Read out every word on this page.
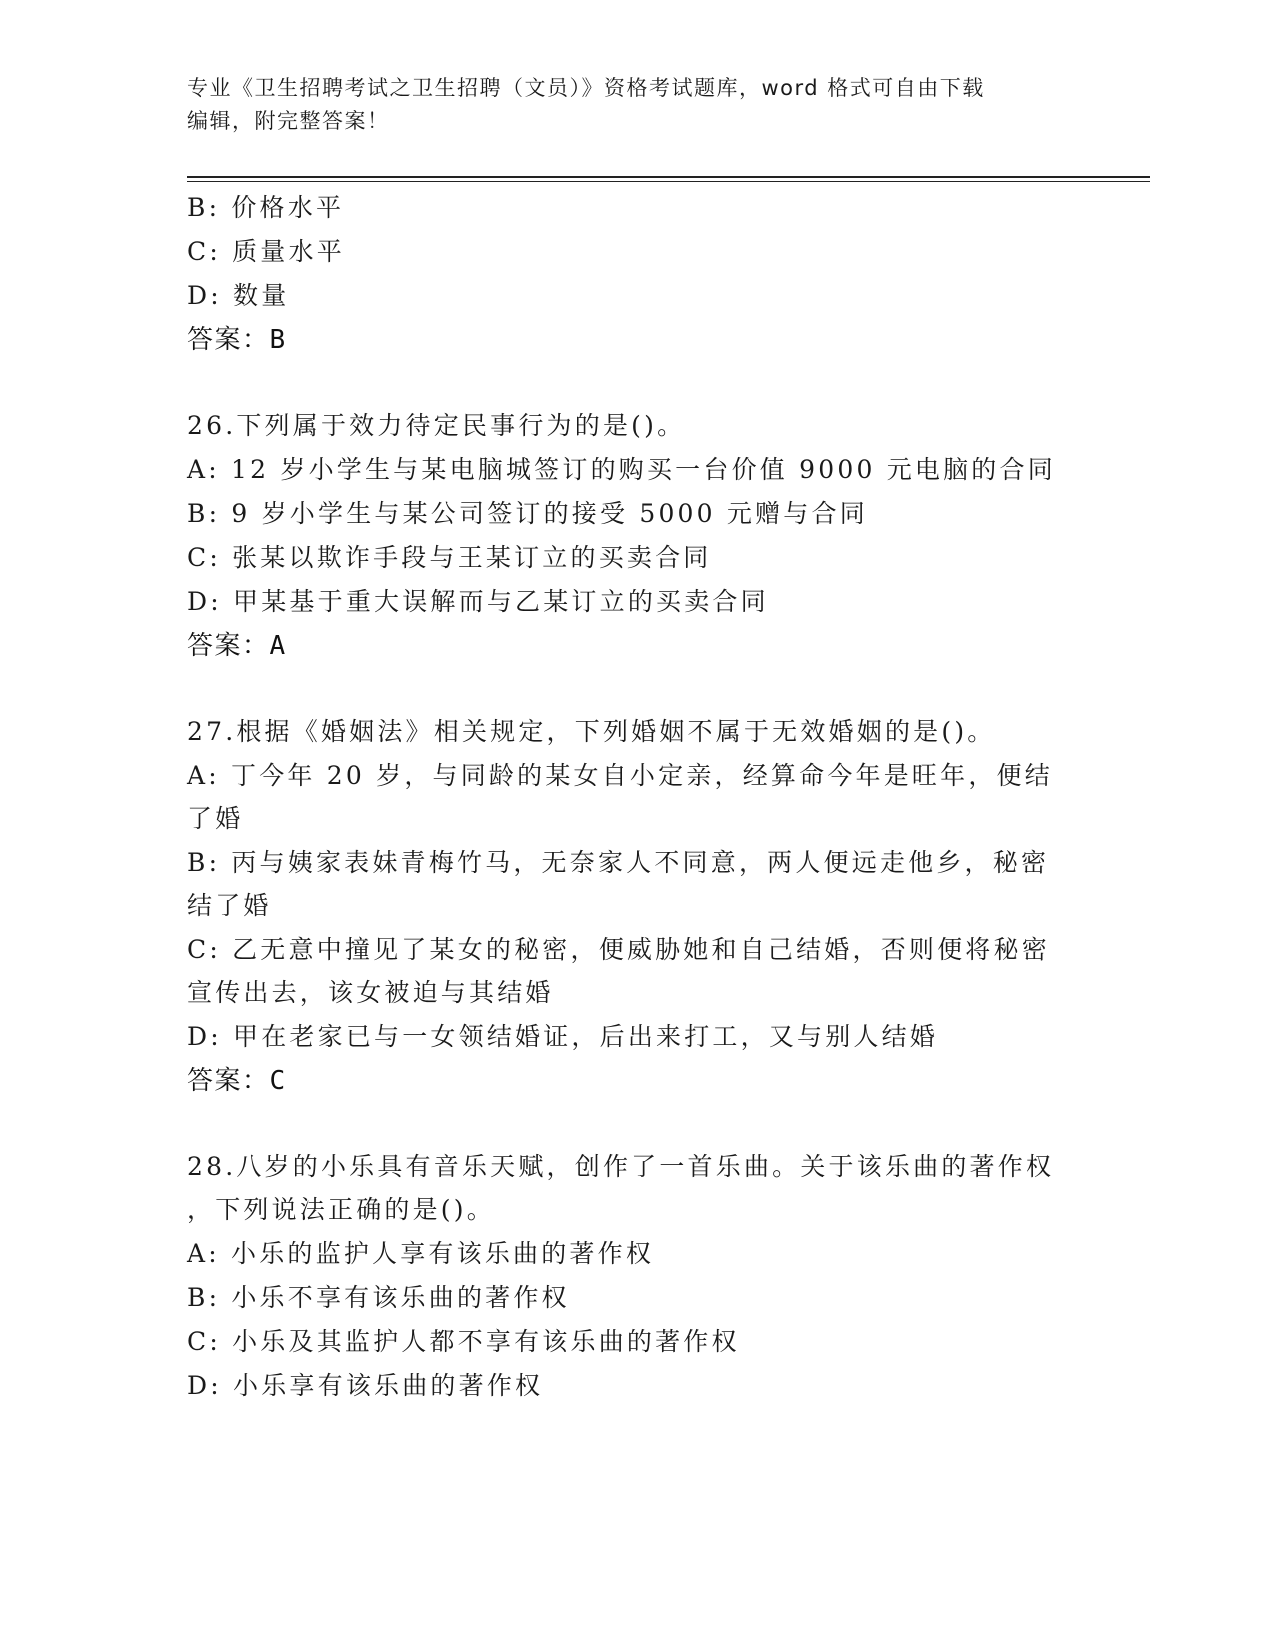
专业《卫生招聘考试之卫生招聘（文员）》资格考试题库，word 格式可自由下载
编辑，附完整答案！
B: 价格水平
C: 质量水平
D: 数量
答案：B
26.下列属于效力待定民事行为的是()。
A: 12 岁小学生与某电脑城签订的购买一台价值 9000 元电脑的合同
B: 9 岁小学生与某公司签订的接受 5000 元赠与合同
C: 张某以欺诈手段与王某订立的买卖合同
D: 甲某基于重大误解而与乙某订立的买卖合同
答案：A
27.根据《婚姻法》相关规定，下列婚姻不属于无效婚姻的是()。
A: 丁今年 20 岁，与同龄的某女自小定亲，经算命今年是旺年，便结
了婚
B: 丙与姨家表妹青梅竹马，无奈家人不同意，两人便远走他乡，秘密
结了婚
C: 乙无意中撞见了某女的秘密，便威胁她和自己结婚，否则便将秘密
宣传出去，该女被迫与其结婚
D: 甲在老家已与一女领结婚证，后出来打工，又与别人结婚
答案：C
28.八岁的小乐具有音乐天赋，创作了一首乐曲。关于该乐曲的著作权
，下列说法正确的是()。
A: 小乐的监护人享有该乐曲的著作权
B: 小乐不享有该乐曲的著作权
C: 小乐及其监护人都不享有该乐曲的著作权
D: 小乐享有该乐曲的著作权
